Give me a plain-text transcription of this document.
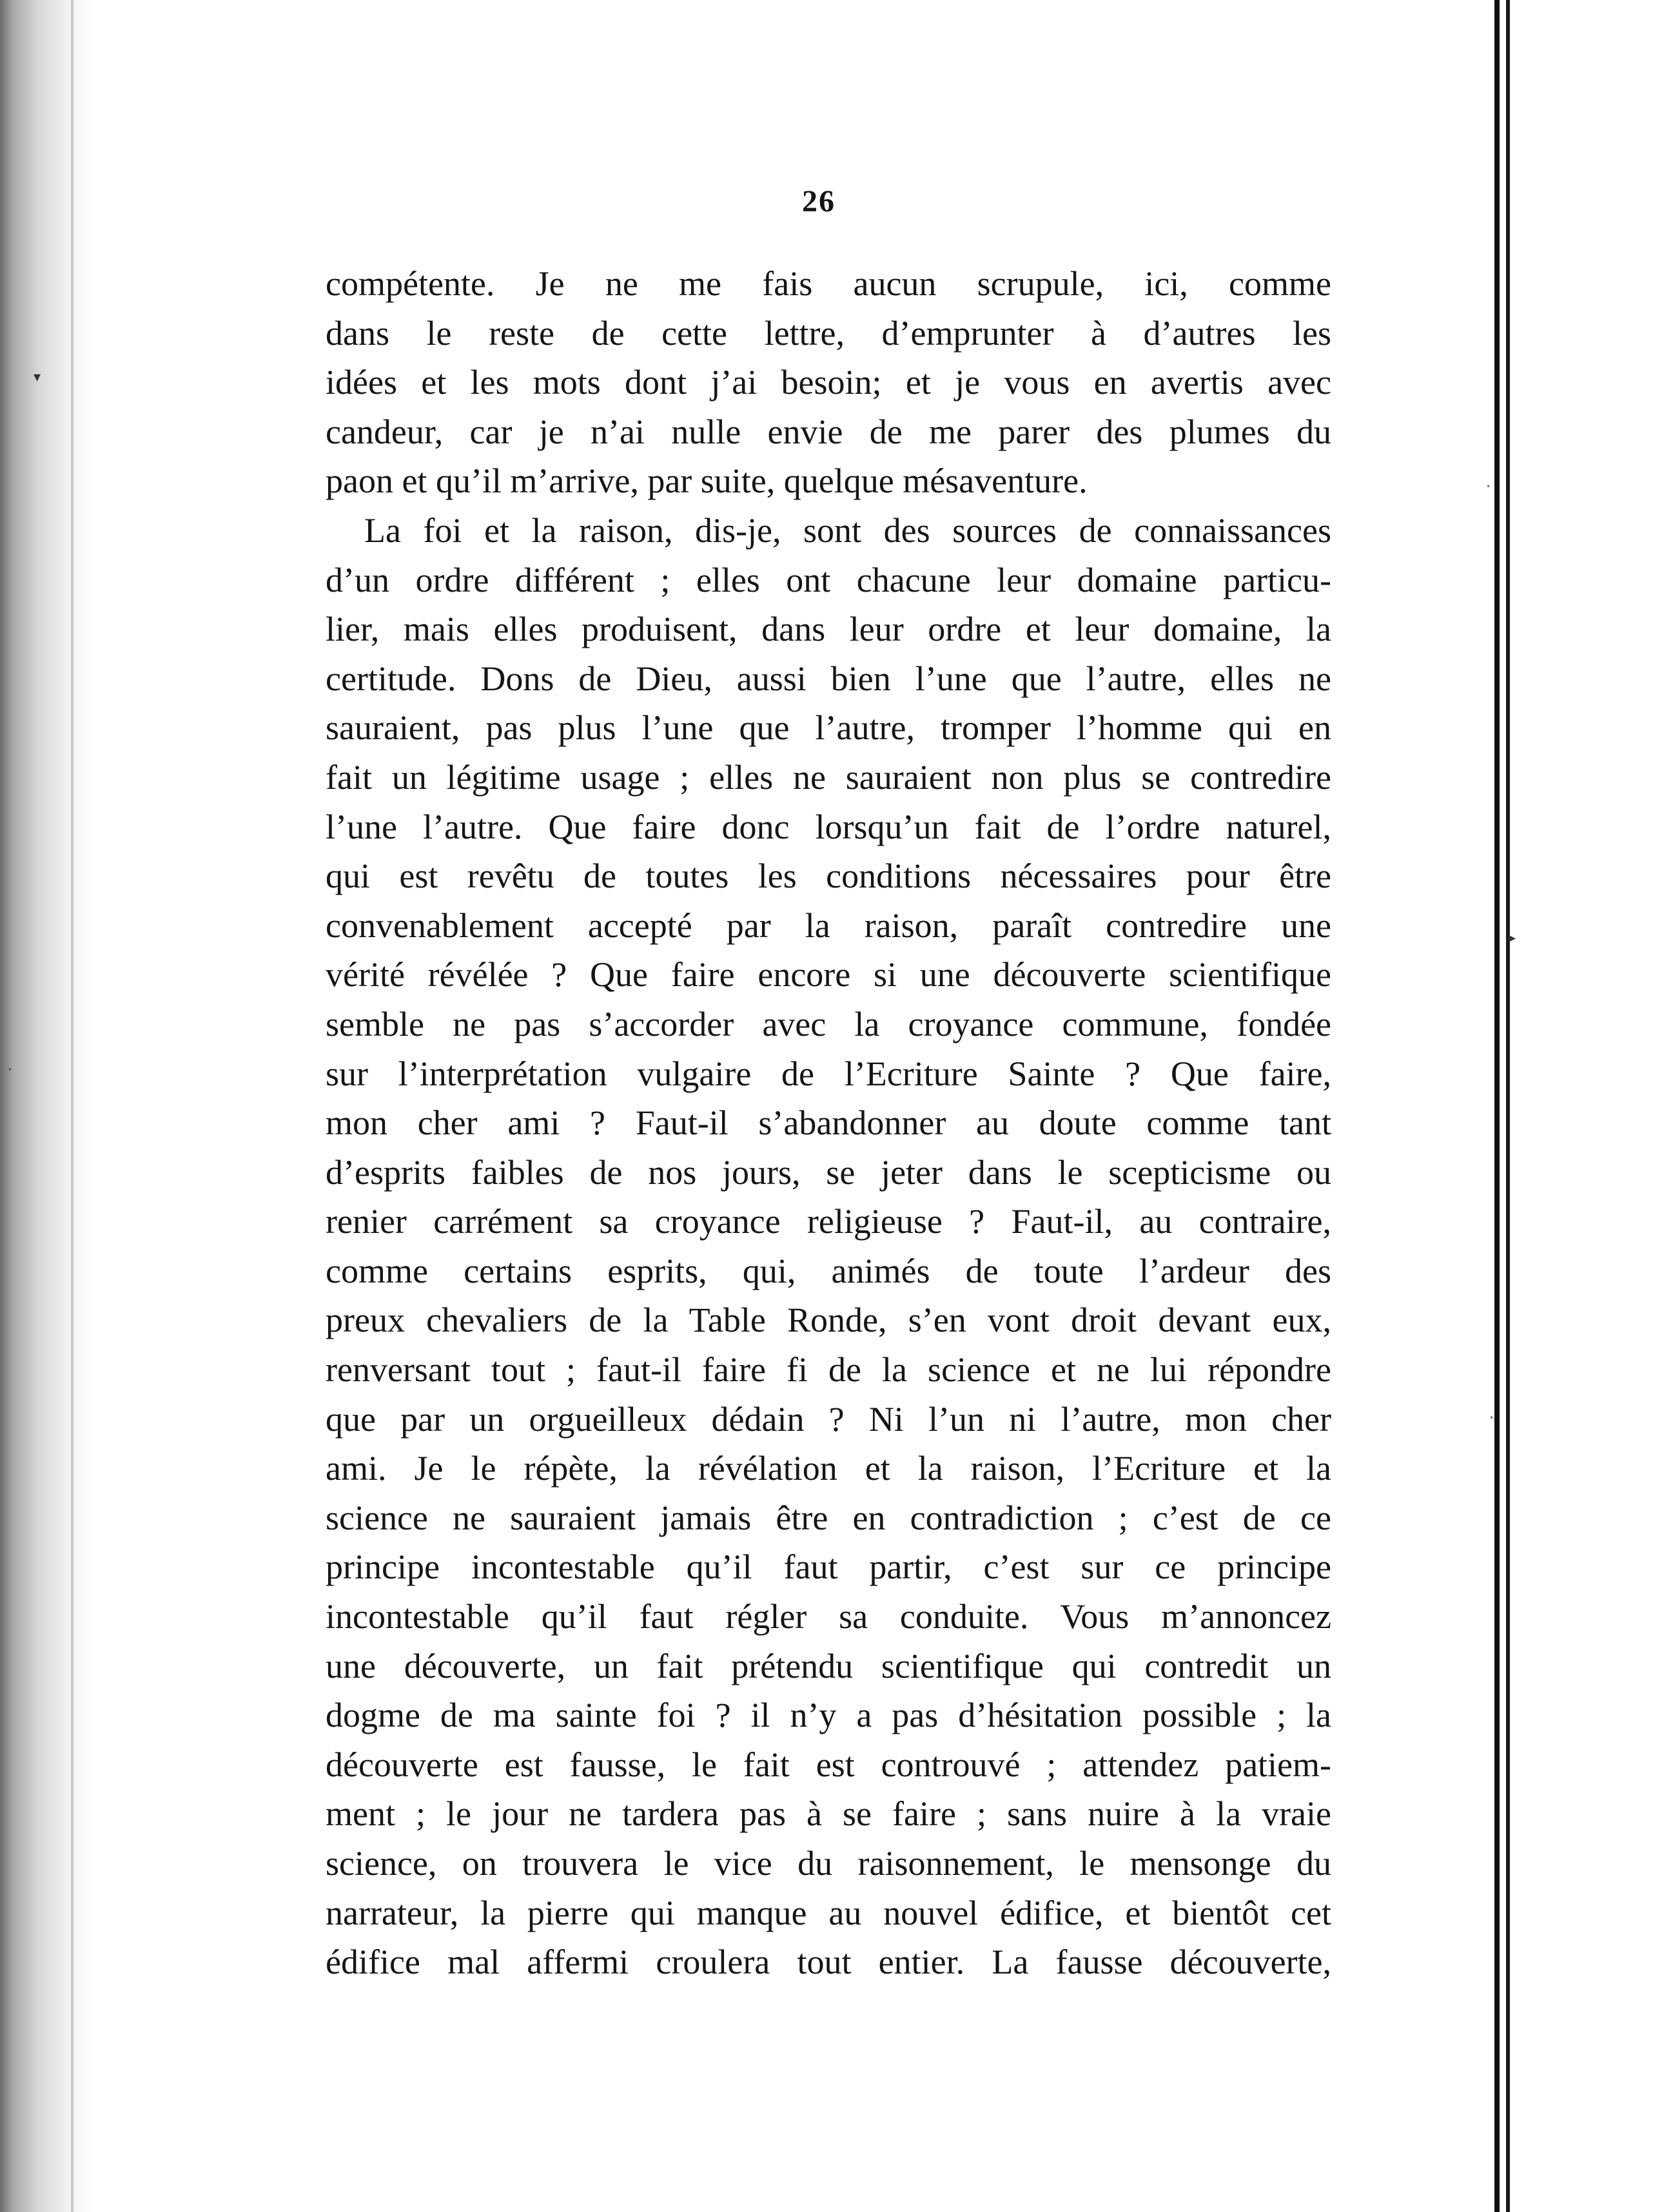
▾
·
·
▸
·
26
compétente. Je ne me fais aucun scrupule, ici, comme
dans le reste de cette lettre, d’emprunter à d’autres les
idées et les mots dont j’ai besoin; et je vous en avertis avec
candeur, car je n’ai nulle envie de me parer des plumes du
paon et qu’il m’arrive, par suite, quelque mésaventure.
La foi et la raison, dis-je, sont des sources de connaissances
d’un ordre différent ; elles ont chacune leur domaine particu-
lier, mais elles produisent, dans leur ordre et leur domaine, la
certitude. Dons de Dieu, aussi bien l’une que l’autre, elles ne
sauraient, pas plus l’une que l’autre, tromper l’homme qui en
fait un légitime usage ; elles ne sauraient non plus se contredire
l’une l’autre. Que faire donc lorsqu’un fait de l’ordre naturel,
qui est revêtu de toutes les conditions nécessaires pour être
convenablement accepté par la raison, paraît contredire une
vérité révélée ? Que faire encore si une découverte scientifique
semble ne pas s’accorder avec la croyance commune, fondée
sur l’interprétation vulgaire de l’Ecriture Sainte ? Que faire,
mon cher ami ? Faut-il s’abandonner au doute comme tant
d’esprits faibles de nos jours, se jeter dans le scepticisme ou
renier carrément sa croyance religieuse ? Faut-il, au contraire,
comme certains esprits, qui, animés de toute l’ardeur des
preux chevaliers de la Table Ronde, s’en vont droit devant eux,
renversant tout ; faut-il faire fi de la science et ne lui répondre
que par un orgueilleux dédain ? Ni l’un ni l’autre, mon cher
ami. Je le répète, la révélation et la raison, l’Ecriture et la
science ne sauraient jamais être en contradiction ; c’est de ce
principe incontestable qu’il faut partir, c’est sur ce principe
incontestable qu’il faut régler sa conduite. Vous m’annoncez
une découverte, un fait prétendu scientifique qui contredit un
dogme de ma sainte foi ? il n’y a pas d’hésitation possible ; la
découverte est fausse, le fait est controuvé ; attendez patiem-
ment ; le jour ne tardera pas à se faire ; sans nuire à la vraie
science, on trouvera le vice du raisonnement, le mensonge du
narrateur, la pierre qui manque au nouvel édifice, et bientôt cet
édifice mal affermi croulera tout entier. La fausse découverte,
